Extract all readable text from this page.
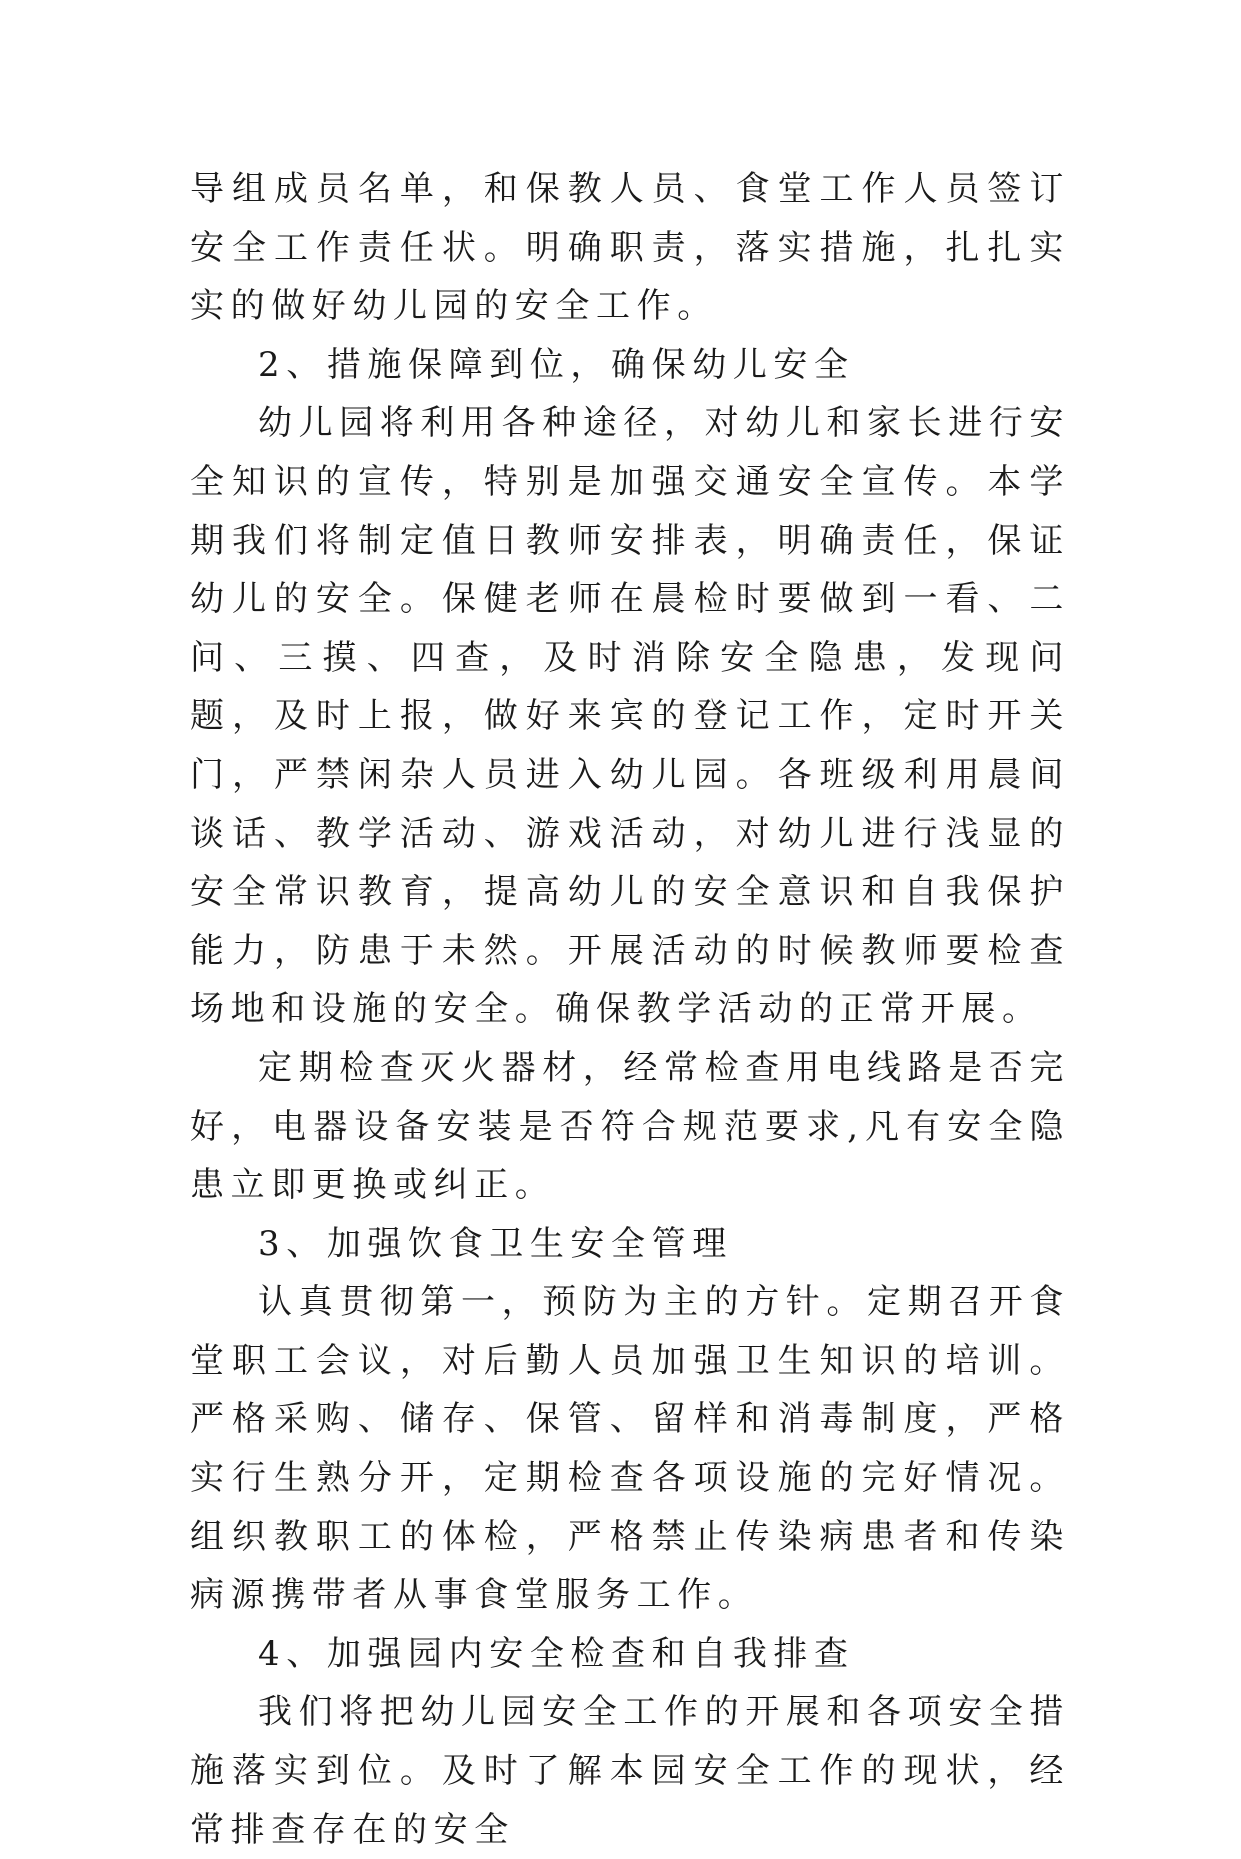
导组成员名单，和保教人员、食堂工作人员签订安全工作责任状。明确职责，落实措施，扎扎实实的做好幼儿园的安全工作。

2、措施保障到位，确保幼儿安全

幼儿园将利用各种途径，对幼儿和家长进行安全知识的宣传，特别是加强交通安全宣传。本学期我们将制定值日教师安排表，明确责任，保证幼儿的安全。保健老师在晨检时要做到一看、二问、三摸、四查，及时消除安全隐患，发现问题，及时上报，做好来宾的登记工作，定时开关门，严禁闲杂人员进入幼儿园。各班级利用晨间谈话、教学活动、游戏活动，对幼儿进行浅显的安全常识教育，提高幼儿的安全意识和自我保护能力，防患于未然。开展活动的时候教师要检查场地和设施的安全。确保教学活动的正常开展。

定期检查灭火器材，经常检查用电线路是否完好，电器设备安装是否符合规范要求,凡有安全隐患立即更换或纠正。

3、加强饮食卫生安全管理

认真贯彻第一，预防为主的方针。定期召开食堂职工会议，对后勤人员加强卫生知识的培训。严格采购、储存、保管、留样和消毒制度，严格实行生熟分开，定期检查各项设施的完好情况。组织教职工的体检，严格禁止传染病患者和传染病源携带者从事食堂服务工作。

4、加强园内安全检查和自我排查

我们将把幼儿园安全工作的开展和各项安全措施落实到位。及时了解本园安全工作的现状，经常排查存在的安全
